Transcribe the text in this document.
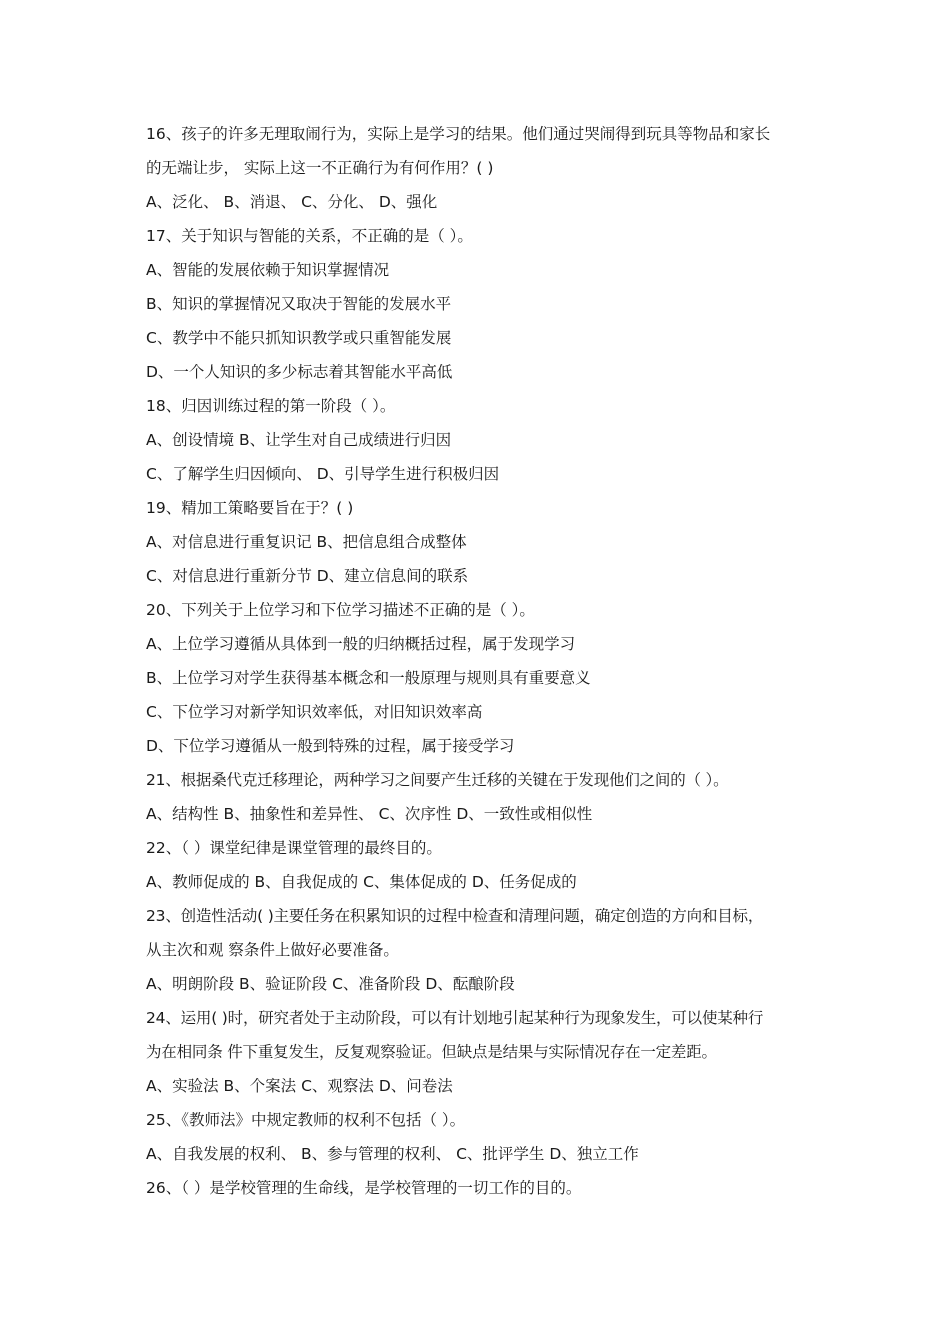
16、孩子的许多无理取闹行为，实际上是学习的结果。他们通过哭闹得到玩具等物品和家长
的无端让步， 实际上这一不正确行为有何作用？( )
A、泛化、 B、消退、 C、分化、 D、强化
17、关于知识与智能的关系，不正确的是（ ）。
A、智能的发展依赖于知识掌握情况
B、知识的掌握情况又取决于智能的发展水平
C、教学中不能只抓知识教学或只重智能发展
D、一个人知识的多少标志着其智能水平高低
18、归因训练过程的第一阶段（ ）。
A、创设情境 B、让学生对自己成绩进行归因
C、了解学生归因倾向、 D、引导学生进行积极归因
19、精加工策略要旨在于？( )
A、对信息进行重复识记 B、把信息组合成整体
C、对信息进行重新分节 D、建立信息间的联系
20、下列关于上位学习和下位学习描述不正确的是（ ）。
A、上位学习遵循从具体到一般的归纳概括过程，属于发现学习
B、上位学习对学生获得基本概念和一般原理与规则具有重要意义
C、下位学习对新学知识效率低，对旧知识效率高
D、下位学习遵循从一般到特殊的过程，属于接受学习
21、根据桑代克迁移理论，两种学习之间要产生迁移的关键在于发现他们之间的（ ）。
A、结构性 B、抽象性和差异性、 C、次序性 D、一致性或相似性
22、（ ）课堂纪律是课堂管理的最终目的。
A、教师促成的 B、自我促成的 C、集体促成的 D、任务促成的
23、创造性活动( )主要任务在积累知识的过程中检查和清理问题，确定创造的方向和目标，
从主次和观 察条件上做好必要准备。
A、明朗阶段 B、验证阶段 C、准备阶段 D、酝酿阶段
24、运用( )时，研究者处于主动阶段，可以有计划地引起某种行为现象发生，可以使某种行
为在相同条 件下重复发生，反复观察验证。但缺点是结果与实际情况存在一定差距。
A、实验法 B、个案法 C、观察法 D、问卷法
25、《教师法》中规定教师的权利不包括（ ）。
A、自我发展的权利、 B、参与管理的权利、 C、批评学生 D、独立工作
26、（ ）是学校管理的生命线，是学校管理的一切工作的目的。
